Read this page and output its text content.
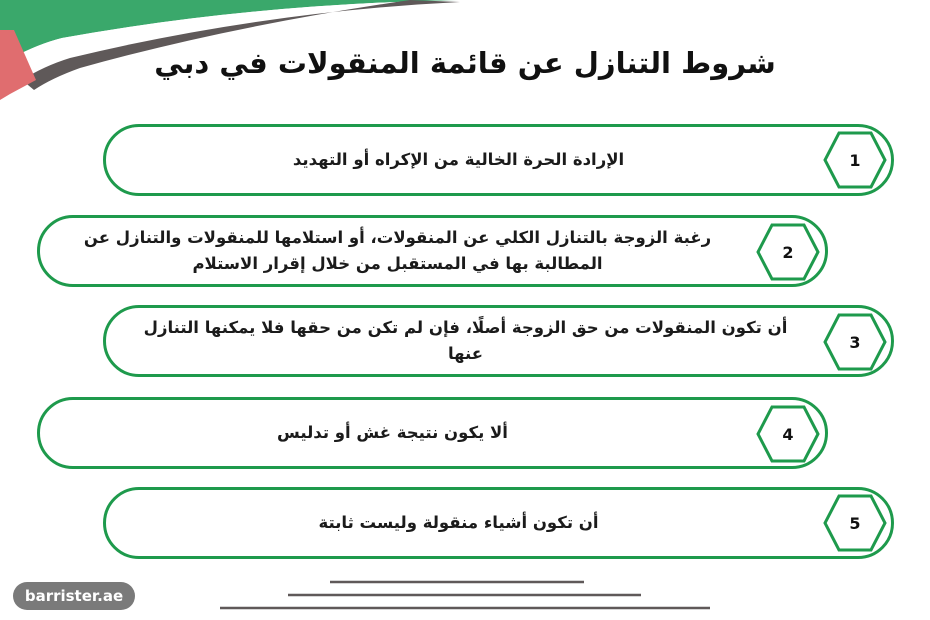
شروط التنازل عن قائمة المنقولات في دبي
الإرادة الحرة الخالية من الإكراه أو التهديد	1
رغبة الزوجة بالتنازل الكلي عن المنقولات، أو استلامها للمنقولات والتنازل عن المطالبة بها في المستقبل من خلال إقرار الاستلام
2
أن تكون المنقولات من حق الزوجة أصلًا، فإن لم تكن من حقها فلا يمكنها التنازل عنها
3
ألا يكون نتيجة غش أو تدليس	4
أن تكون أشياء منقولة وليست ثابتة	5
barrister.ae
